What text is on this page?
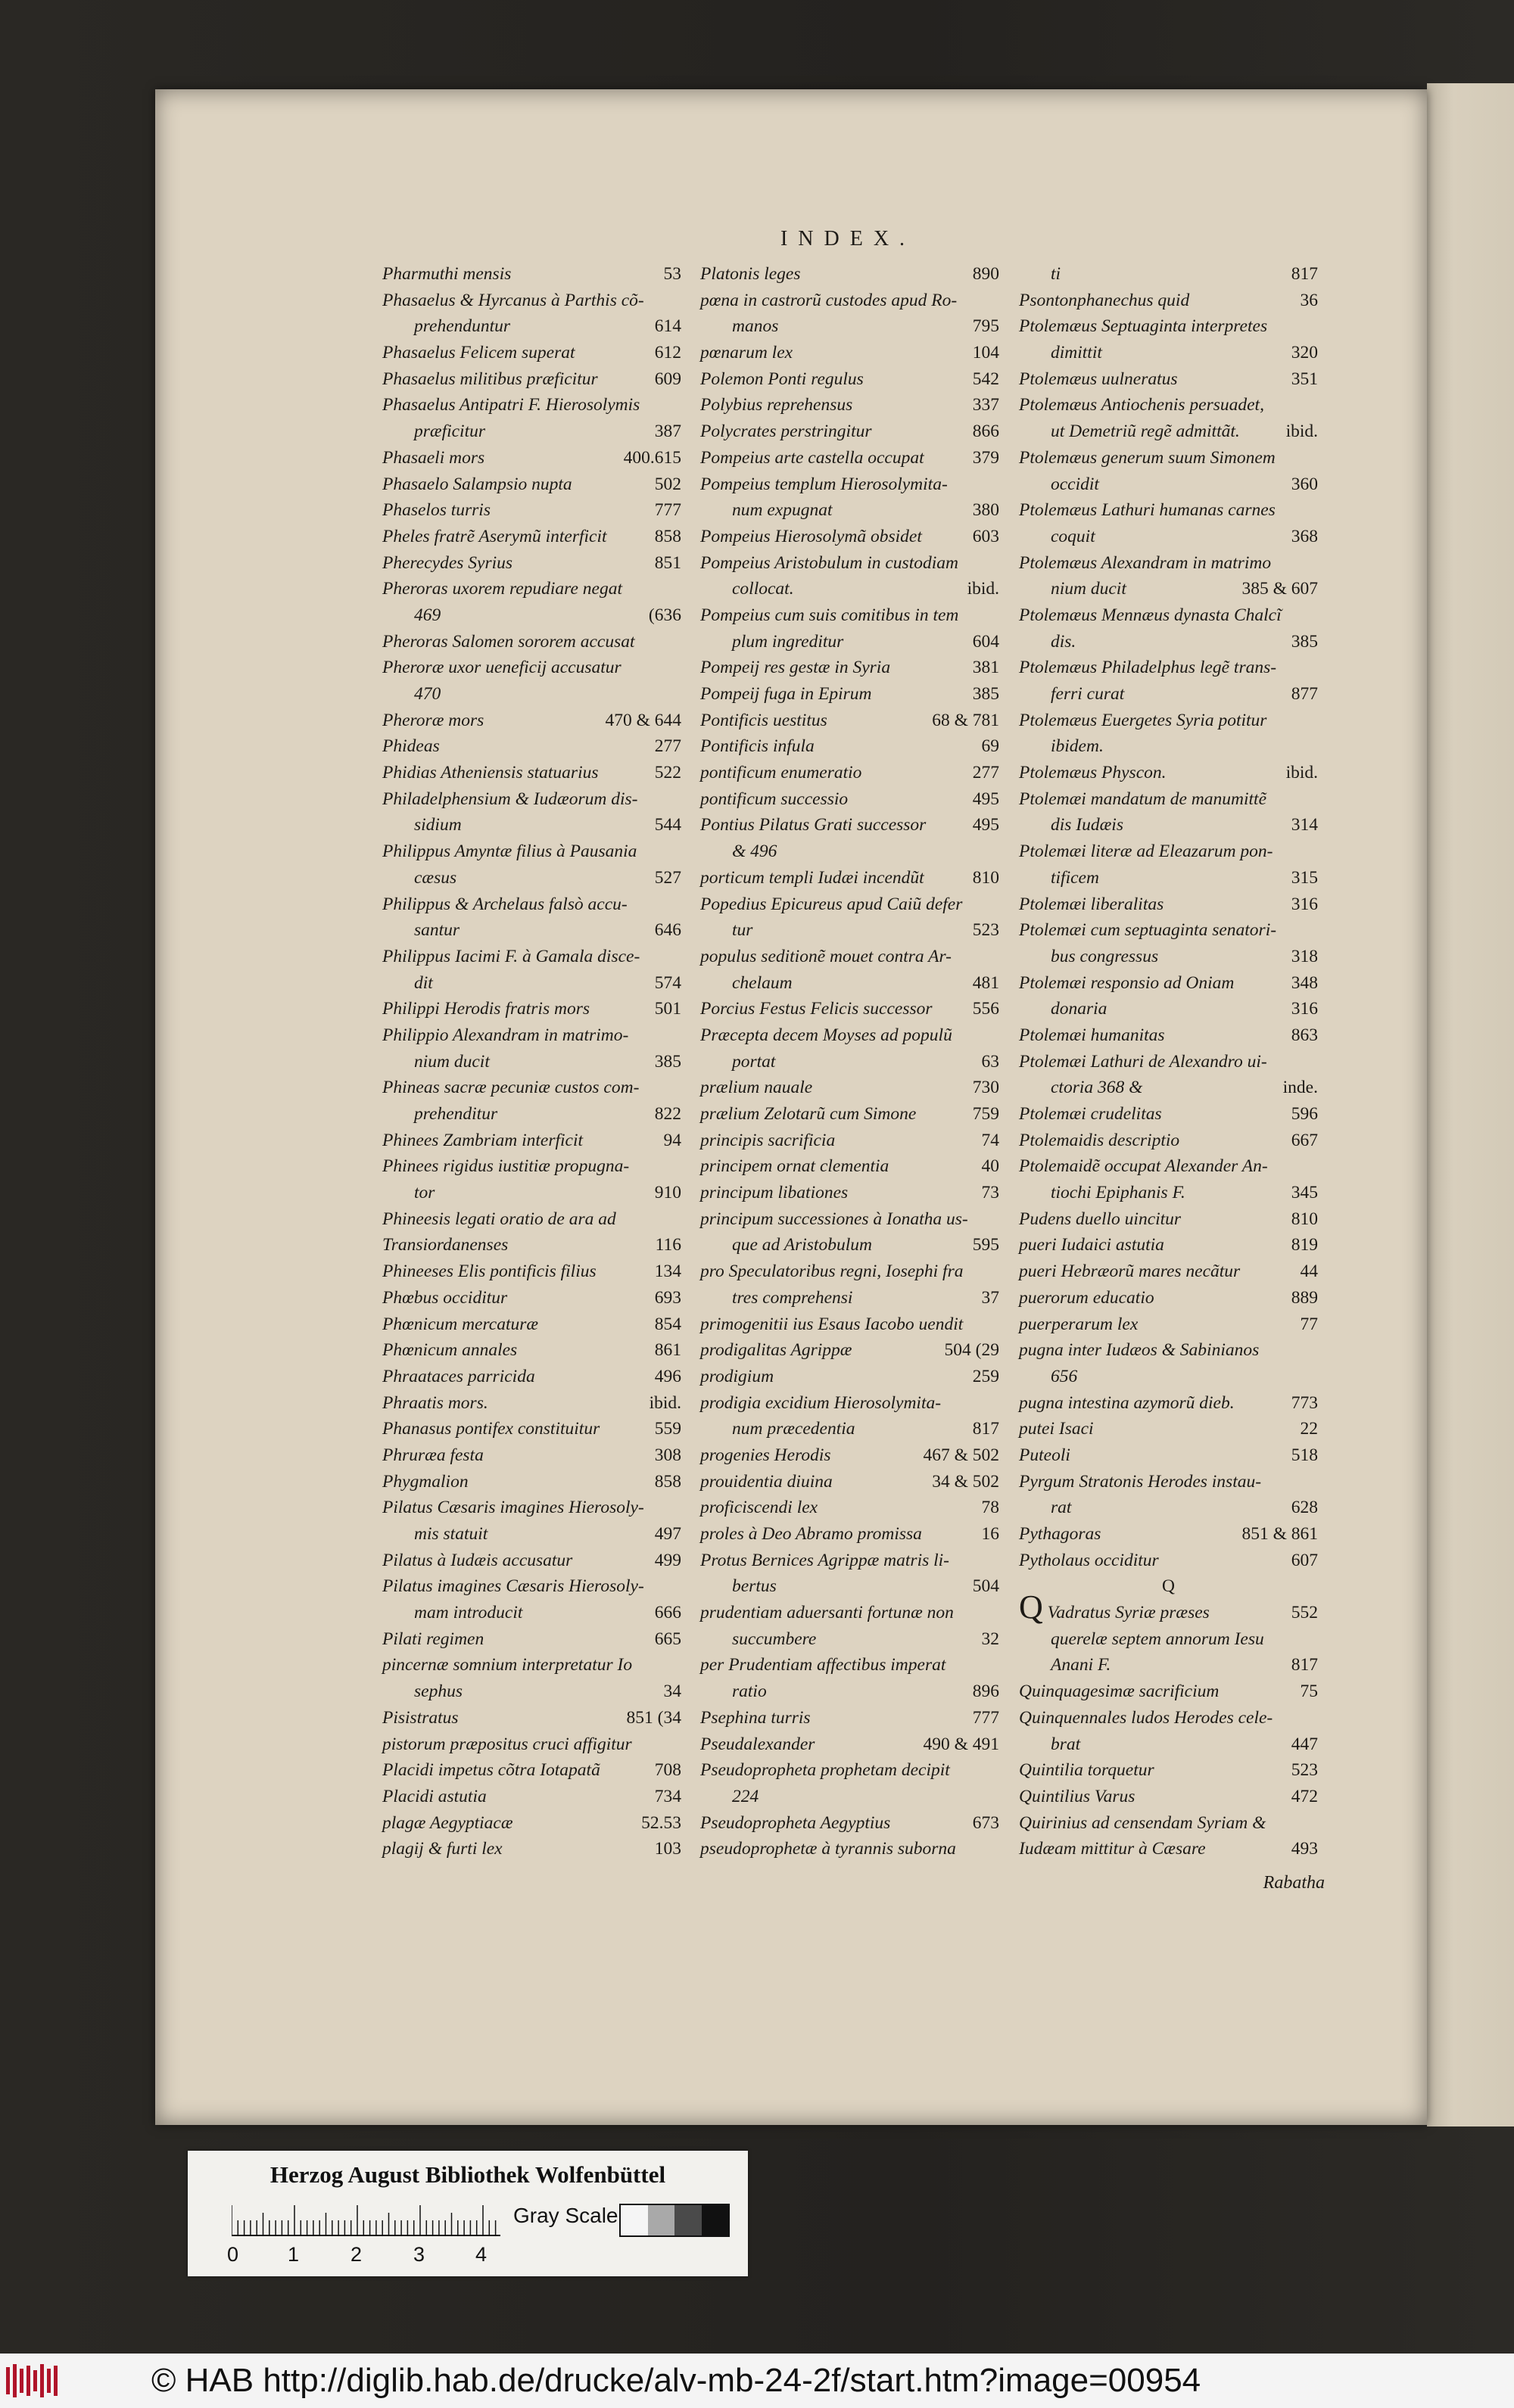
INDEX.
Pharmuthi mensis	53
Phasaelus & Hyrcanus à Parthis cõ-
prehenduntur	614
Phasaelus Felicem superat	612
Phasaelus militibus præficitur	609
Phasaelus Antipatri F. Hierosolymis
præficitur	387
Phasaeli mors	400.615
Phasaelo Salampsio nupta	502
Phaselos turris	777
Pheles fratrẽ Aserymũ interficit	858
Pherecydes Syrius	851
Pheroras uxorem repudiare negat
469	(636
Pheroras Salomen sororem accusat
Pheroræ uxor ueneficij accusatur
470
Pheroræ mors	470 & 644
Phideas	277
Phidias Atheniensis statuarius	522
Philadelphensium & Iudæorum dis-
sidium	544
Philippus Amyntæ filius à Pausania
cæsus	527
Philippus & Archelaus falsò accu-
santur	646
Philippus Iacimi F. à Gamala disce-
dit	574
Philippi Herodis fratris mors	501
Philippio Alexandram in matrimo-
nium ducit	385
Phineas sacræ pecuniæ custos com-
prehenditur	822
Phinees Zambriam interficit	94
Phinees rigidus iustitiæ propugna-
tor	910
Phineesis legati oratio de ara ad
Transiordanenses	116
Phineeses Elis pontificis filius	134
Phœbus occiditur	693
Phœnicum mercaturæ	854
Phœnicum annales	861
Phraataces parricida	496
Phraatis mors.	ibid.
Phanasus pontifex constituitur	559
Phruræa festa	308
Phygmalion	858
Pilatus Cæsaris imagines Hierosoly-
mis statuit	497
Pilatus à Iudæis accusatur	499
Pilatus imagines Cæsaris Hierosoly-
mam introducit	666
Pilati regimen	665
pincernæ somnium interpretatur Io
sephus	34
Pisistratus	851 (34
pistorum præpositus cruci affigitur
Placidi impetus cõtra Iotapatã	708
Placidi astutia	734
plagæ Aegyptiacæ	52.53
plagij & furti lex	103
Platonis leges	890
pœna in castrorũ custodes apud Ro-
manos	795
pœnarum lex	104
Polemon Ponti regulus	542
Polybius reprehensus	337
Polycrates perstringitur	866
Pompeius arte castella occupat	379
Pompeius templum Hierosolymita-
num expugnat	380
Pompeius Hierosolymã obsidet	603
Pompeius Aristobulum in custodiam
collocat.	ibid.
Pompeius cum suis comitibus in tem
plum ingreditur	604
Pompeij res gestæ in Syria	381
Pompeij fuga in Epirum	385
Pontificis uestitus	68 & 781
Pontificis infula	69
pontificum enumeratio	277
pontificum successio	495
Pontius Pilatus Grati successor	495
& 496
porticum templi Iudæi incendũt	810
Popedius Epicureus apud Caiũ defer
tur	523
populus seditionẽ mouet contra Ar-
chelaum	481
Porcius Festus Felicis successor 556
Præcepta decem Moyses ad populũ
portat	63
prælium nauale	730
prælium Zelotarũ cum Simone	759
principis sacrificia	74
principem ornat clementia	40
principum libationes	73
principum successiones à Ionatha us-
que ad Aristobulum	595
pro Speculatoribus regni, Iosephi fra
tres comprehensi	37
primogenitii ius Esaus Iacobo uendit
prodigalitas Agrippæ	504 (29
prodigium	259
prodigia excidium Hierosolymita-
num præcedentia	817
progenies Herodis	467 & 502
prouidentia diuina	34 & 502
proficiscendi lex	78
proles à Deo Abramo promissa	16
Protus Bernices Agrippæ matris li-
bertus	504
prudentiam aduersanti fortunæ non
succumbere	32
per Prudentiam affectibus imperat
ratio	896
Psephina turris	777
Pseudalexander	490 & 491
Pseudopropheta prophetam decipit
224
Pseudopropheta Aegyptius	673
pseudoprophetæ à tyrannis suborna
ti	817
Psontonphanechus quid	36
Ptolemæus Septuaginta interpretes
dimittit	320
Ptolemæus uulneratus	351
Ptolemæus Antiochenis persuadet,
ut Demetriũ regẽ admittãt.	ibid.
Ptolemæus generum suum Simonem
occidit	360
Ptolemæus Lathuri humanas carnes
coquit	368
Ptolemæus Alexandram in matrimo
nium ducit	385 & 607
Ptolemæus Mennæus dynasta Chalcĩ
dis.	385
Ptolemæus Philadelphus legẽ trans-
ferri curat	877
Ptolemæus Euergetes Syria potitur
ibidem.
Ptolemæus Physcon.	ibid.
Ptolemæi mandatum de manumittẽ
dis Iudæis	314
Ptolemæi literæ ad Eleazarum pon-
tificem	315
Ptolemæi liberalitas	316
Ptolemæi cum septuaginta senatori-
bus congressus	318
Ptolemæi responsio ad Oniam	348
donaria	316
Ptolemæi humanitas	863
Ptolemæi Lathuri de Alexandro ui-
ctoria 368 &	inde.
Ptolemæi crudelitas	596
Ptolemaidis descriptio	667
Ptolemaidẽ occupat Alexander An-
tiochi Epiphanis F.	345
Pudens duello uincitur	810
pueri Iudaici astutia	819
pueri Hebræorũ mares necãtur	44
puerorum educatio	889
puerperarum lex	77
pugna inter Iudæos & Sabinianos
656
pugna intestina azymorũ dieb.	773
putei Isaci	22
Puteoli	518
Pyrgum Stratonis Herodes instau-
rat	628
Pythagoras	851 & 861
Pytholaus occiditur	607
Q
Q Vadratus Syriæ præses	552
querelæ septem annorum Iesu
Anani F.	817
Quinquagesimæ sacrificium	75
Quinquennales ludos Herodes cele-
brat	447
Quintilia torquetur	523
Quintilius Varus	472
Quirinius ad censendam Syriam &
Iudæam mittitur à Cæsare	493
Rabatha
Herzog August Bibliothek Wolfenbüttel
0 1	2	3 4
Gray Scale
© HAB http://diglib.hab.de/drucke/alv-mb-24-2f/start.htm?image=00954
